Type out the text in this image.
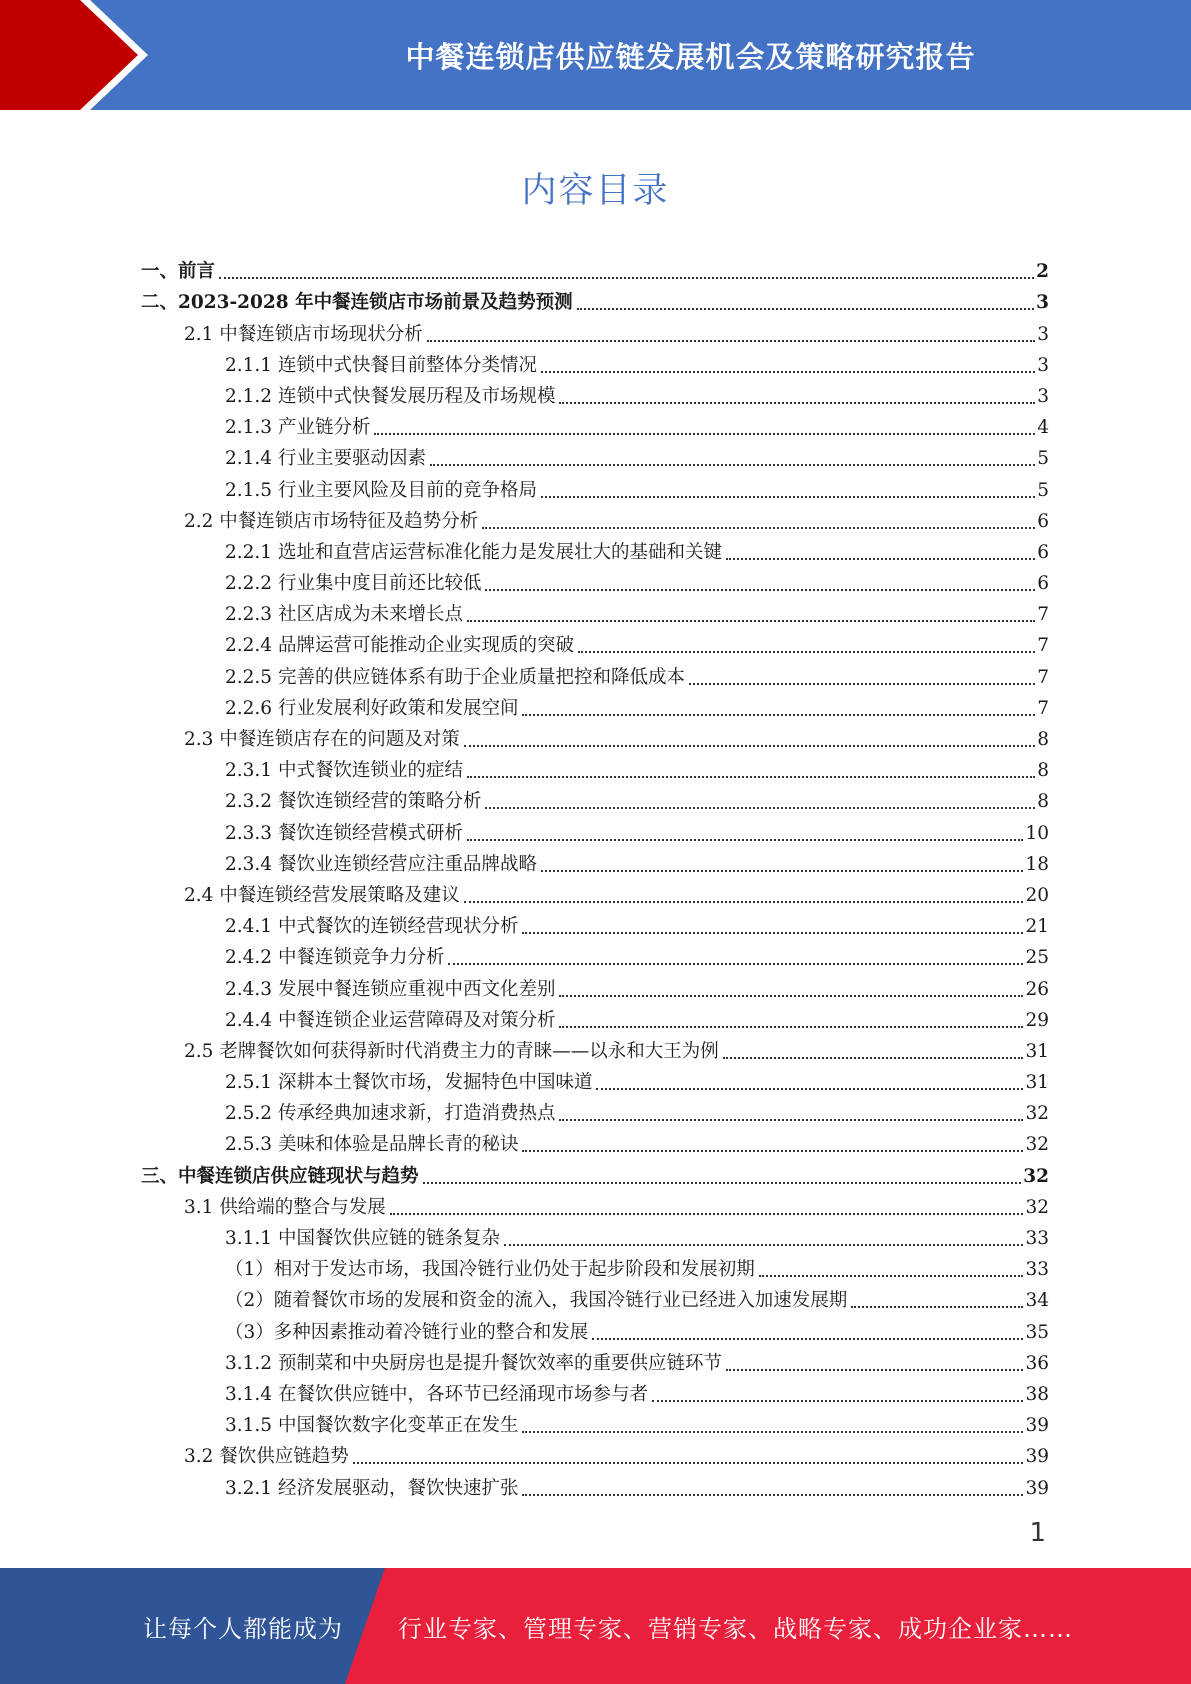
中餐连锁店供应链发展机会及策略研究报告
内容目录
一、前言	2
二、2023-2028 年中餐连锁店市场前景及趋势预测	3
2.1 中餐连锁店市场现状分析	3
2.1.1 连锁中式快餐目前整体分类情况	3
2.1.2 连锁中式快餐发展历程及市场规模	3
2.1.3 产业链分析	4
2.1.4 行业主要驱动因素	5
2.1.5 行业主要风险及目前的竞争格局	5
2.2 中餐连锁店市场特征及趋势分析	6
2.2.1 选址和直营店运营标准化能力是发展壮大的基础和关键	6
2.2.2 行业集中度目前还比较低	6
2.2.3 社区店成为未来增长点	7
2.2.4 品牌运营可能推动企业实现质的突破	7
2.2.5 完善的供应链体系有助于企业质量把控和降低成本	7
2.2.6 行业发展利好政策和发展空间	7
2.3 中餐连锁店存在的问题及对策	8
2.3.1 中式餐饮连锁业的症结	8
2.3.2 餐饮连锁经营的策略分析	8
2.3.3 餐饮连锁经营模式研析	10
2.3.4 餐饮业连锁经营应注重品牌战略	18
2.4 中餐连锁经营发展策略及建议	20
2.4.1 中式餐饮的连锁经营现状分析	21
2.4.2 中餐连锁竞争力分析	25
2.4.3 发展中餐连锁应重视中西文化差别	26
2.4.4 中餐连锁企业运营障碍及对策分析	29
2.5 老牌餐饮如何获得新时代消费主力的青睐——以永和大王为例	31
2.5.1 深耕本土餐饮市场，发掘特色中国味道	31
2.5.2 传承经典加速求新，打造消费热点	32
2.5.3 美味和体验是品牌长青的秘诀	32
三、中餐连锁店供应链现状与趋势	32
3.1 供给端的整合与发展	32
3.1.1 中国餐饮供应链的链条复杂	33
（1）相对于发达市场，我国冷链行业仍处于起步阶段和发展初期	33
（2）随着餐饮市场的发展和资金的流入，我国冷链行业已经进入加速发展期	34
（3）多种因素推动着冷链行业的整合和发展	35
3.1.2 预制菜和中央厨房也是提升餐饮效率的重要供应链环节	36
3.1.4 在餐饮供应链中，各环节已经涌现市场参与者	38
3.1.5 中国餐饮数字化变革正在发生	39
3.2 餐饮供应链趋势	39
3.2.1 经济发展驱动，餐饮快速扩张	39
1
让每个人都能成为 行业专家、管理专家、营销专家、战略专家、成功企业家……
